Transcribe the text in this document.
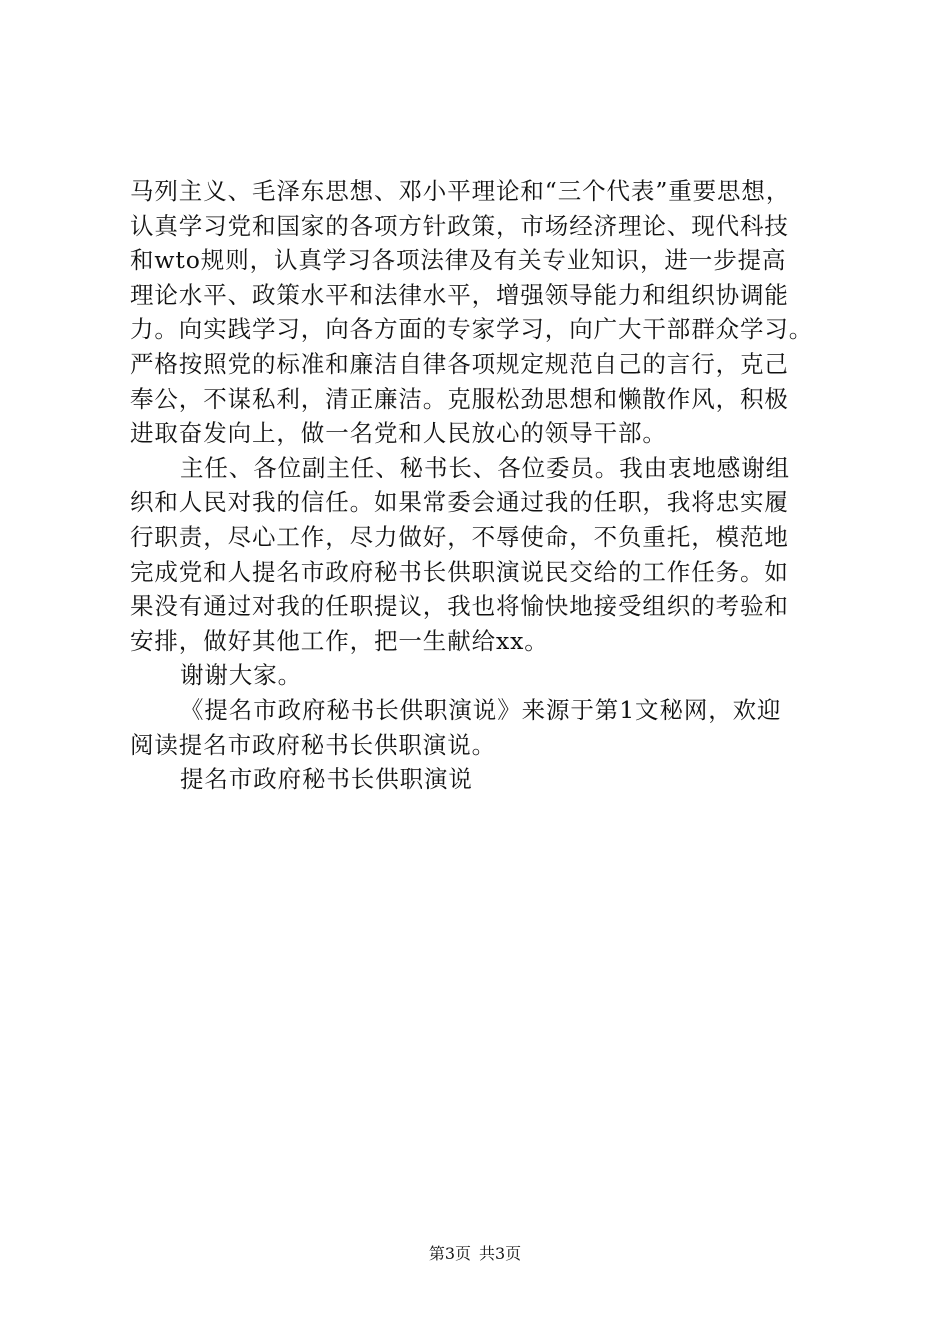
马列主义、毛泽东思想、邓小平理论和“三个代表”重要思想，
认真学习党和国家的各项方针政策，市场经济理论、现代科技
和wto规则，认真学习各项法律及有关专业知识，进一步提高
理论水平、政策水平和法律水平，增强领导能力和组织协调能
力。向实践学习，向各方面的专家学习，向广大干部群众学习。
严格按照党的标准和廉洁自律各项规定规范自己的言行，克己
奉公，不谋私利，清正廉洁。克服松劲思想和懒散作风，积极
进取奋发向上，做一名党和人民放心的领导干部。
主任、各位副主任、秘书长、各位委员。我由衷地感谢组
织和人民对我的信任。如果常委会通过我的任职，我将忠实履
行职责，尽心工作，尽力做好，不辱使命，不负重托，模范地
完成党和人提名市政府秘书长供职演说民交给的工作任务。如
果没有通过对我的任职提议，我也将愉快地接受组织的考验和
安排，做好其他工作，把一生献给xx。
谢谢大家。
《提名市政府秘书长供职演说》来源于第1文秘网，欢迎
阅读提名市政府秘书长供职演说。
提名市政府秘书长供职演说
第3页 共3页
